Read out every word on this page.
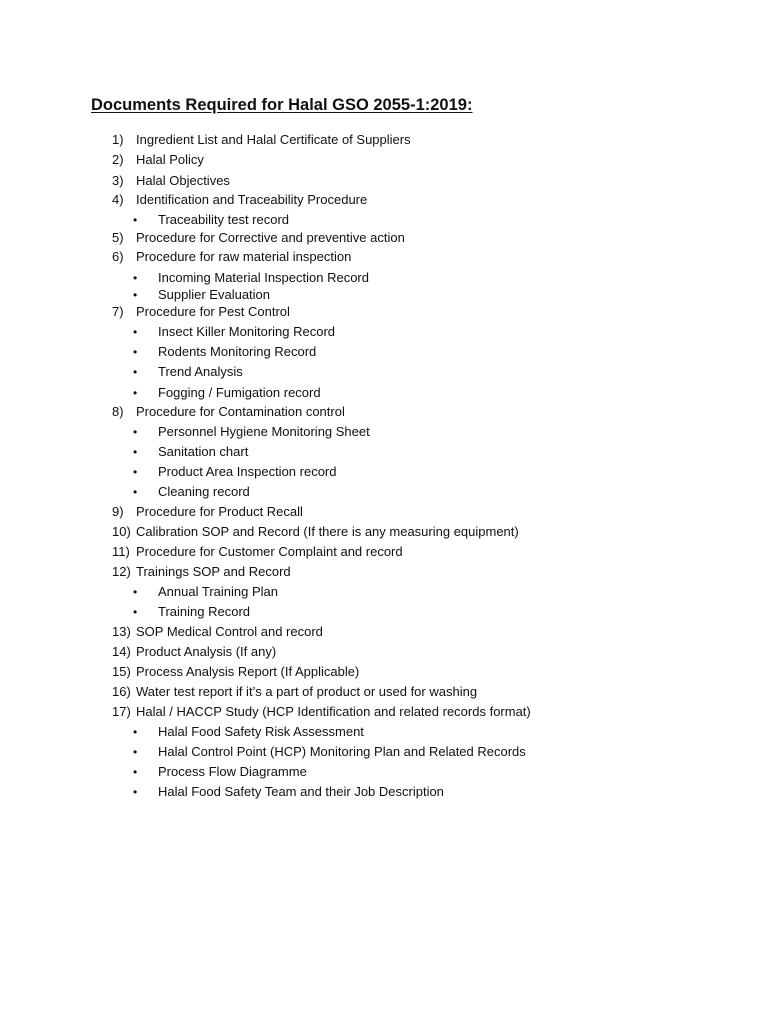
Documents Required for Halal GSO 2055-1:2019:
1) Ingredient List and Halal Certificate of Suppliers
2) Halal Policy
3) Halal Objectives
4) Identification and Traceability Procedure
• Traceability test record
5) Procedure for Corrective and preventive action
6) Procedure for raw material inspection
• Incoming Material Inspection Record
• Supplier Evaluation
7) Procedure for Pest Control
• Insect Killer Monitoring Record
• Rodents Monitoring Record
• Trend Analysis
• Fogging / Fumigation record
8) Procedure for Contamination control
• Personnel Hygiene Monitoring Sheet
• Sanitation chart
• Product Area Inspection record
• Cleaning record
9) Procedure for Product Recall
10) Calibration SOP and Record (If there is any measuring equipment)
11) Procedure for Customer Complaint and record
12) Trainings SOP and Record
• Annual Training Plan
• Training Record
13) SOP Medical Control and record
14) Product Analysis (If any)
15) Process Analysis Report (If Applicable)
16) Water test report if it’s a part of product or used for washing
17) Halal / HACCP Study (HCP Identification and related records format)
• Halal Food Safety Risk Assessment
• Halal Control Point (HCP) Monitoring Plan and Related Records
• Process Flow Diagramme
• Halal Food Safety Team and their Job Description
